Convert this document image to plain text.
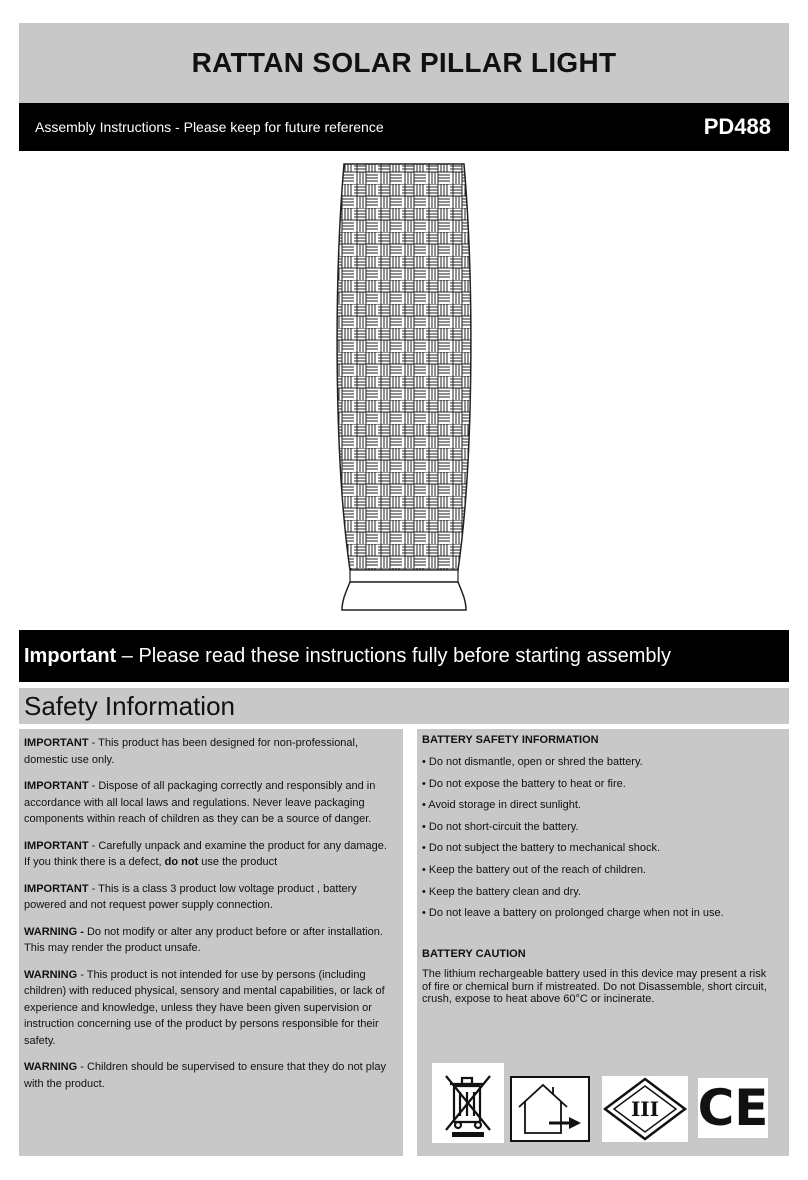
RATTAN SOLAR PILLAR LIGHT
Assembly Instructions - Please keep for future reference	PD488
Important – Please read these instructions fully before starting assembly
Safety Information

IMPORTANT - This product has been designed for non-professional, domestic use only.

IMPORTANT - Dispose of all packaging correctly and responsibly and in accordance with all local laws and regulations. Never leave packaging components within reach of children as they can be a source of danger.

IMPORTANT - Carefully unpack and examine the product for any damage. If you think there is a defect, do not use the product

IMPORTANT - This is a class 3 product low voltage product , battery powered and not request power supply connection.

WARNING - Do not modify or alter any product before or after installation. This may render the product unsafe.

WARNING - This product is not intended for use by persons (including children) with reduced physical, sensory and mental capabilities, or lack of experience and knowledge, unless they have been given supervision or instruction concerning use of the product by persons responsible for their safety.

WARNING - Children should be supervised to ensure that they do not play with the product.

BATTERY SAFETY INFORMATION

• Do not dismantle, open or shred the battery.

• Do not expose the battery to heat or fire.

• Avoid storage in direct sunlight.

• Do not short-circuit the battery.

• Do not subject the battery to mechanical shock.

• Keep the battery out of the reach of children.

• Keep the battery clean and dry.

• Do not leave a battery on prolonged charge when not in use.

BATTERY CAUTION

The lithium rechargeable battery used in this device may present a risk of fire or chemical burn if mistreated. Do not Disassemble, short circuit, crush, expose to heat above 60°C or incinerate.

III CE
